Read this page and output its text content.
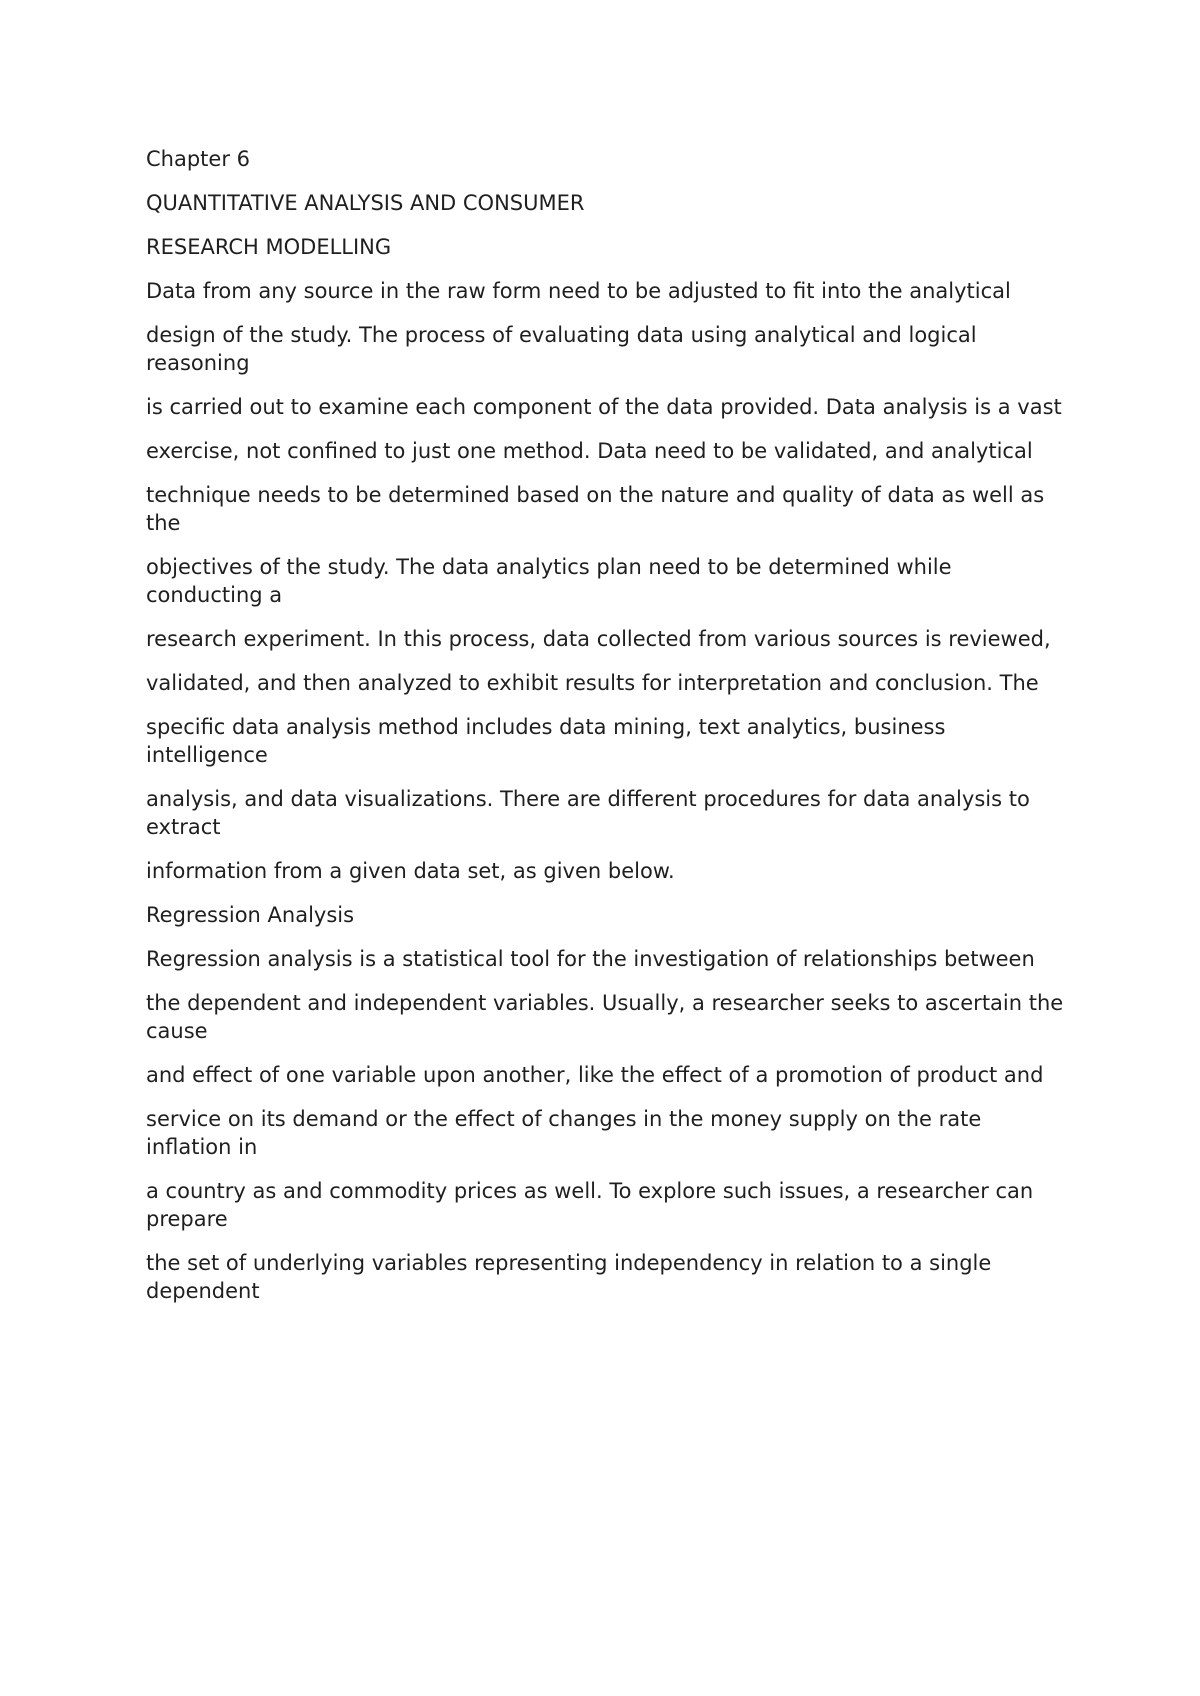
Chapter 6

QUANTITATIVE ANALYSIS AND CONSUMER

RESEARCH MODELLING

Data from any source in the raw form need to be adjusted to fit into the analytical

design of the study. The process of evaluating data using analytical and logical reasoning

is carried out to examine each component of the data provided. Data analysis is a vast

exercise, not confined to just one method. Data need to be validated, and analytical

technique needs to be determined based on the nature and quality of data as well as the

objectives of the study. The data analytics plan need to be determined while conducting a

research experiment. In this process, data collected from various sources is reviewed,

validated, and then analyzed to exhibit results for interpretation and conclusion. The

specific data analysis method includes data mining, text analytics, business intelligence

analysis, and data visualizations. There are different procedures for data analysis to extract

information from a given data set, as given below.

Regression Analysis

Regression analysis is a statistical tool for the investigation of relationships between

the dependent and independent variables. Usually, a researcher seeks to ascertain the cause

and effect of one variable upon another, like the effect of a promotion of product and

service on its demand or the effect of changes in the money supply on the rate inflation in

a country as and commodity prices as well. To explore such issues, a researcher can prepare

the set of underlying variables representing independency in relation to a single dependent
